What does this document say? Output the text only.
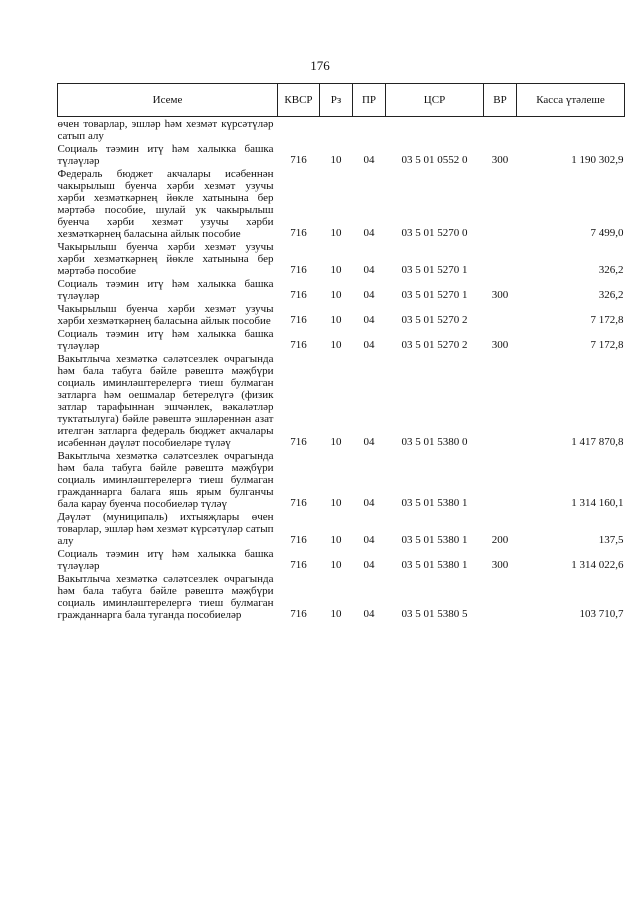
176
Исеме	КВСР	Рз	ПР	ЦСР	ВР	Касса үтәлеше
өчен товарлар, эшләр һәм хезмәт күрсәтүләр сатып алу						
Социаль тәэмин итү һәм халыкка башка түләүләр	716	10	04	03 5 01 0552 0	300	1 190 302,9
Федераль бюджет акчалары исәбеннән чакырылыш буенча хәрби хезмәт узучы хәрби хезмәткәрнең йөкле хатынына бер мәртәбә пособие, шулай ук чакырылыш буенча хәрби хезмәт узучы хәрби хезмәткәрнең баласына айлык пособие	716	10	04	03 5 01 5270 0		7 499,0
Чакырылыш буенча хәрби хезмәт узучы хәрби хезмәткәрнең йөкле хатынына бер мәртәбә пособие	716	10	04	03 5 01 5270 1		326,2
Социаль тәэмин итү һәм халыкка башка түләүләр	716	10	04	03 5 01 5270 1	300	326,2
Чакырылыш буенча хәрби хезмәт узучы хәрби хезмәткәрнең баласына айлык пособие	716	10	04	03 5 01 5270 2		7 172,8
Социаль тәэмин итү һәм халыкка башка түләүләр	716	10	04	03 5 01 5270 2	300	7 172,8
Вакытлыча хезмәткә сәләтсезлек очрагында һәм бала табуга бәйле рәвештә мәҗбүри социаль иминләштерелергә тиеш булмаган затларга һәм оешмалар бетерелүгә (физик затлар тарафыннан эшчәнлек, вәкаләтләр туктатылуга) бәйле рәвештә эшләреннән азат ителгән затларга федераль бюджет акчалары исәбеннән дәүләт пособиеләре түләү	716	10	04	03 5 01 5380 0		1 417 870,8
Вакытлыча хезмәткә сәләтсезлек очрагында һәм бала табуга бәйле рәвештә мәҗбүри социаль иминләштерелергә тиеш булмаган гражданнарга балага яшь ярым булганчы бала карау буенча пособиеләр түләү	716	10	04	03 5 01 5380 1		1 314 160,1
Дәүләт (муниципаль) ихтыяҗлары өчен товарлар, эшләр һәм хезмәт күрсәтүләр сатып алу	716	10	04	03 5 01 5380 1	200	137,5
Социаль тәэмин итү һәм халыкка башка түләүләр	716	10	04	03 5 01 5380 1	300	1 314 022,6
Вакытлыча хезмәткә сәләтсезлек очрагында һәм бала табуга бәйле рәвештә мәҗбүри социаль иминләштерелергә тиеш булмаган гражданнарга бала туганда пособиеләр	716	10	04	03 5 01 5380 5		103 710,7
